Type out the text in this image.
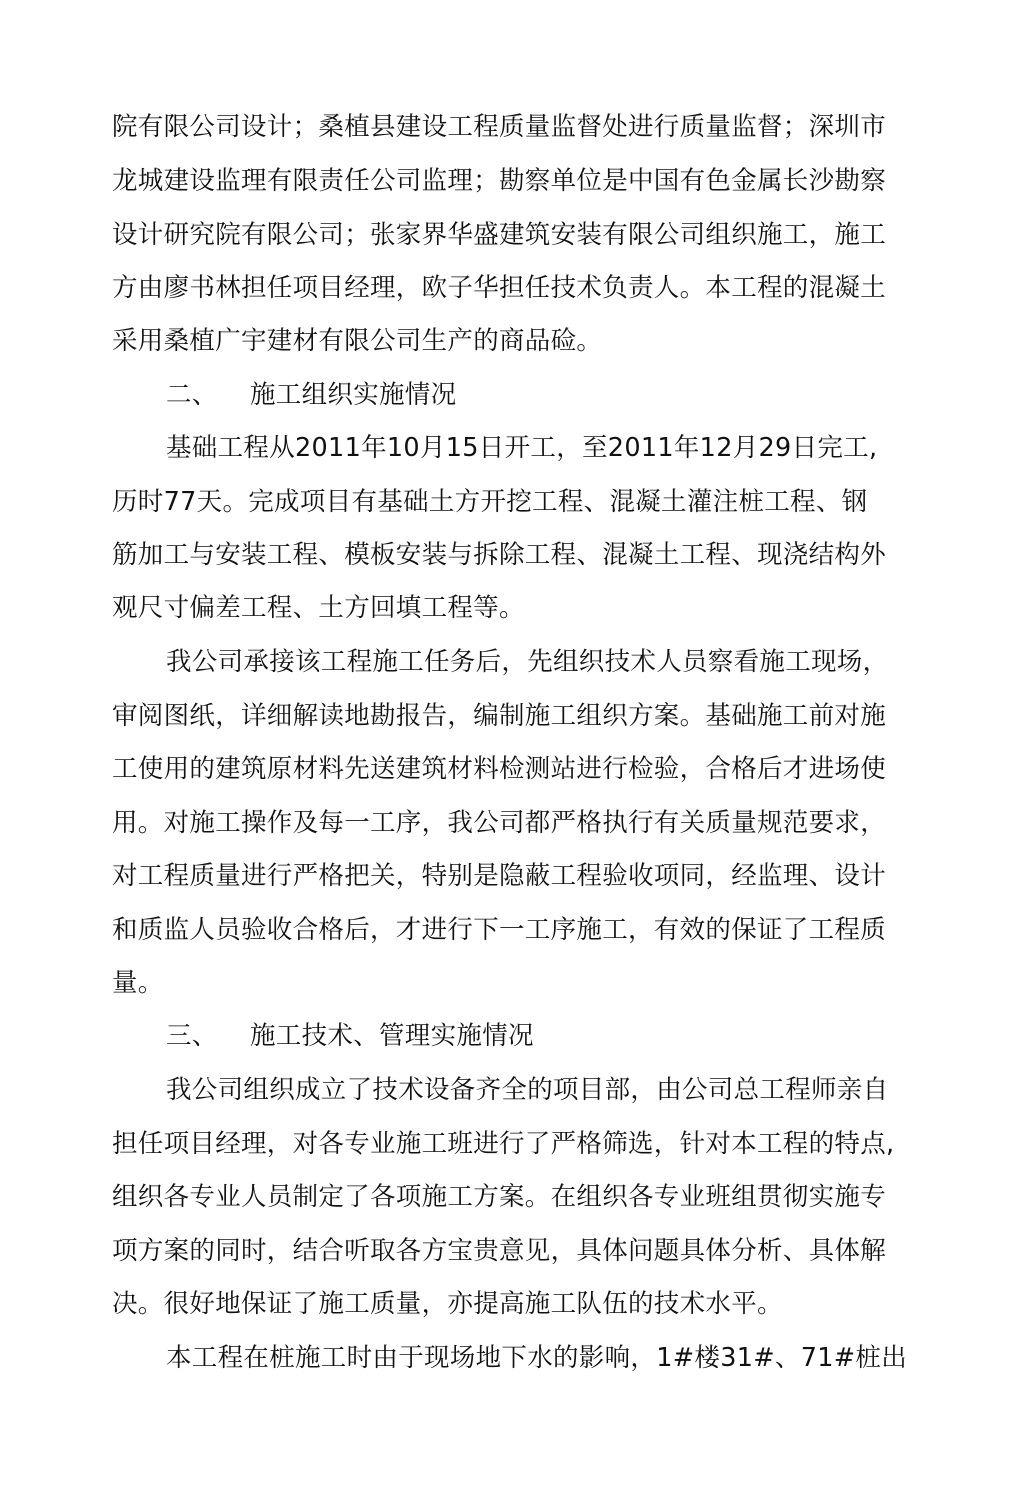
院有限公司设计；桑植县建设工程质量监督处进行质量监督；深圳市
龙城建设监理有限责任公司监理；勘察单位是中国有色金属长沙勘察
设计研究院有限公司；张家界华盛建筑安装有限公司组织施工，施工
方由廖书林担任项目经理，欧子华担任技术负责人。本工程的混凝土
采用桑植广宇建材有限公司生产的商品硷。
二、 施工组织实施情况
基础工程从2011年10月15日开工，至2011年12月29日完工,
历时77天。完成项目有基础土方开挖工程、混凝土灌注桩工程、钢
筋加工与安装工程、模板安装与拆除工程、混凝土工程、现浇结构外
观尺寸偏差工程、土方回填工程等。
我公司承接该工程施工任务后，先组织技术人员察看施工现场，
审阅图纸，详细解读地勘报告，编制施工组织方案。基础施工前对施
工使用的建筑原材料先送建筑材料检测站进行检验，合格后才进场使
用。对施工操作及每一工序，我公司都严格执行有关质量规范要求，
对工程质量进行严格把关，特别是隐蔽工程验收项同，经监理、设计
和质监人员验收合格后，才进行下一工序施工，有效的保证了工程质
量。
三、 施工技术、管理实施情况
我公司组织成立了技术设备齐全的项目部，由公司总工程师亲自
担任项目经理，对各专业施工班进行了严格筛选，针对本工程的特点,
组织各专业人员制定了各项施工方案。在组织各专业班组贯彻实施专
项方案的同时，结合听取各方宝贵意见，具体问题具体分析、具体解
决。很好地保证了施工质量，亦提高施工队伍的技术水平。
本工程在桩施工时由于现场地下水的影响，1#楼31#、71#桩出
